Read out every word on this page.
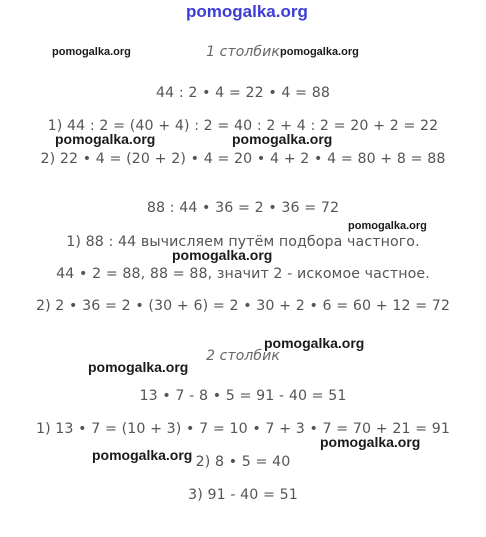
pomogalka.org
1 столбик
2 столбик
44 : 2 • 4 = 22 • 4 = 88
1) 44 : 2 = (40 + 4) : 2 = 40 : 2 + 4 : 2 = 20 + 2 = 22
2) 22 • 4 = (20 + 2) • 4 = 20 • 4 + 2 • 4 = 80 + 8 = 88
88 : 44 • 36 = 2 • 36 = 72
1) 88 : 44 вычисляем путём подбора частного.
44 • 2 = 88, 88 = 88, значит 2 - искомое частное.
2) 2 • 36 = 2 • (30 + 6) = 2 • 30 + 2 • 6 = 60 + 12 = 72
13 • 7 - 8 • 5 = 91 - 40 = 51
1) 13 • 7 = (10 + 3) • 7 = 10 • 7 + 3 • 7 = 70 + 21 = 91
2) 8 • 5 = 40
3) 91 - 40 = 51
pomogalka.org	pomogalka.org
pomogalka.org	pomogalka.org
pomogalka.org
pomogalka.org
pomogalka.org
pomogalka.org
pomogalka.org
pomogalka.org
